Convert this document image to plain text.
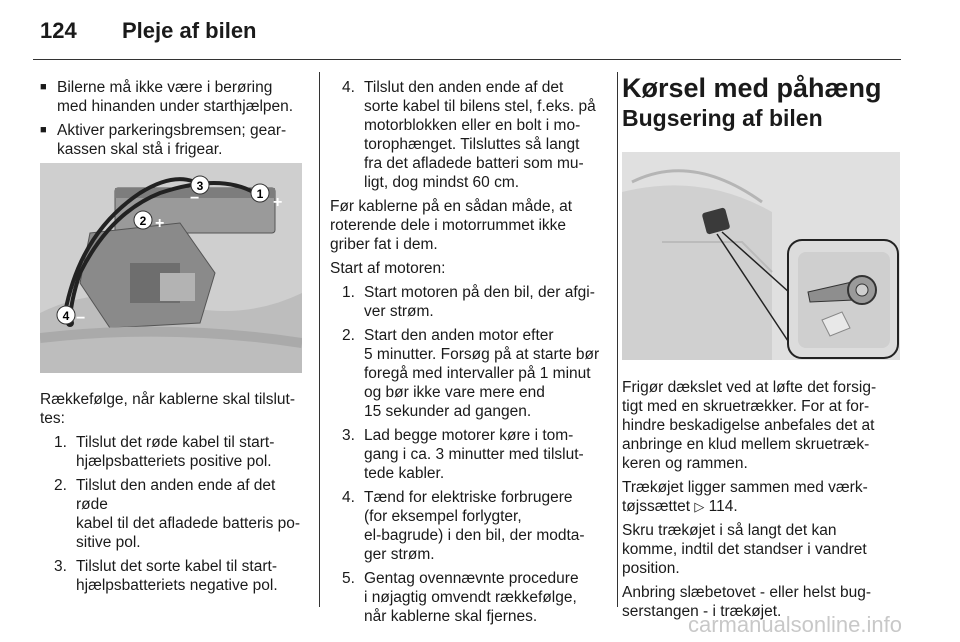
124 Pleje af bilen
■ Bilerne må ikke være i berøring

med hinanden under starthjælpen.

■ Aktiver parkeringsbremsen; gear-

kassen skal stå i frigear.

1
2
3
4
+
+
−
−

Rækkefølge, når kablerne skal tilslut-

tes:

1. Tilslut det røde kabel til start-

hjælpsbatteriets positive pol.

2. Tilslut den anden ende af det røde

kabel til det afladede batteris po-

sitive pol.

3. Tilslut det sorte kabel til start-

hjælpsbatteriets negative pol.

4. Tilslut den anden ende af det

sorte kabel til bilens stel, f.eks. på

motorblokken eller en bolt i mo-

torophænget. Tilsluttes så langt

fra det afladede batteri som mu-

ligt, dog mindst 60 cm.

Før kablerne på en sådan måde, at

roterende dele i motorrummet ikke

griber fat i dem.

Start af motoren:

1. Start motoren på den bil, der afgi-

ver strøm.

2. Start den anden motor efter

5 minutter. Forsøg på at starte bør

foregå med intervaller på 1 minut

og bør ikke vare mere end

15 sekunder ad gangen.

3. Lad begge motorer køre i tom-

gang i ca. 3 minutter med tilslut-

tede kabler.

4. Tænd for elektriske forbrugere

(for eksempel forlygter,

el-bagrude) i den bil, der modta-

ger strøm.

5. Gentag ovennævnte procedure

i nøjagtig omvendt rækkefølge,

når kablerne skal fjernes.

Kørsel med påhæng

Bugsering af bilen

Frigør dækslet ved at løfte det forsig-

tigt med en skruetrækker. For at for-

hindre beskadigelse anbefales det at

anbringe en klud mellem skruetræk-

keren og rammen.

Trækøjet ligger sammen med værk-

tøjssættet ▷ 114.

Skru trækøjet i så langt det kan

komme, indtil det standser i vandret

position.

Anbring slæbetovet - eller helst bug-

serstangen - i trækøjet.

carmanualsonline.info
